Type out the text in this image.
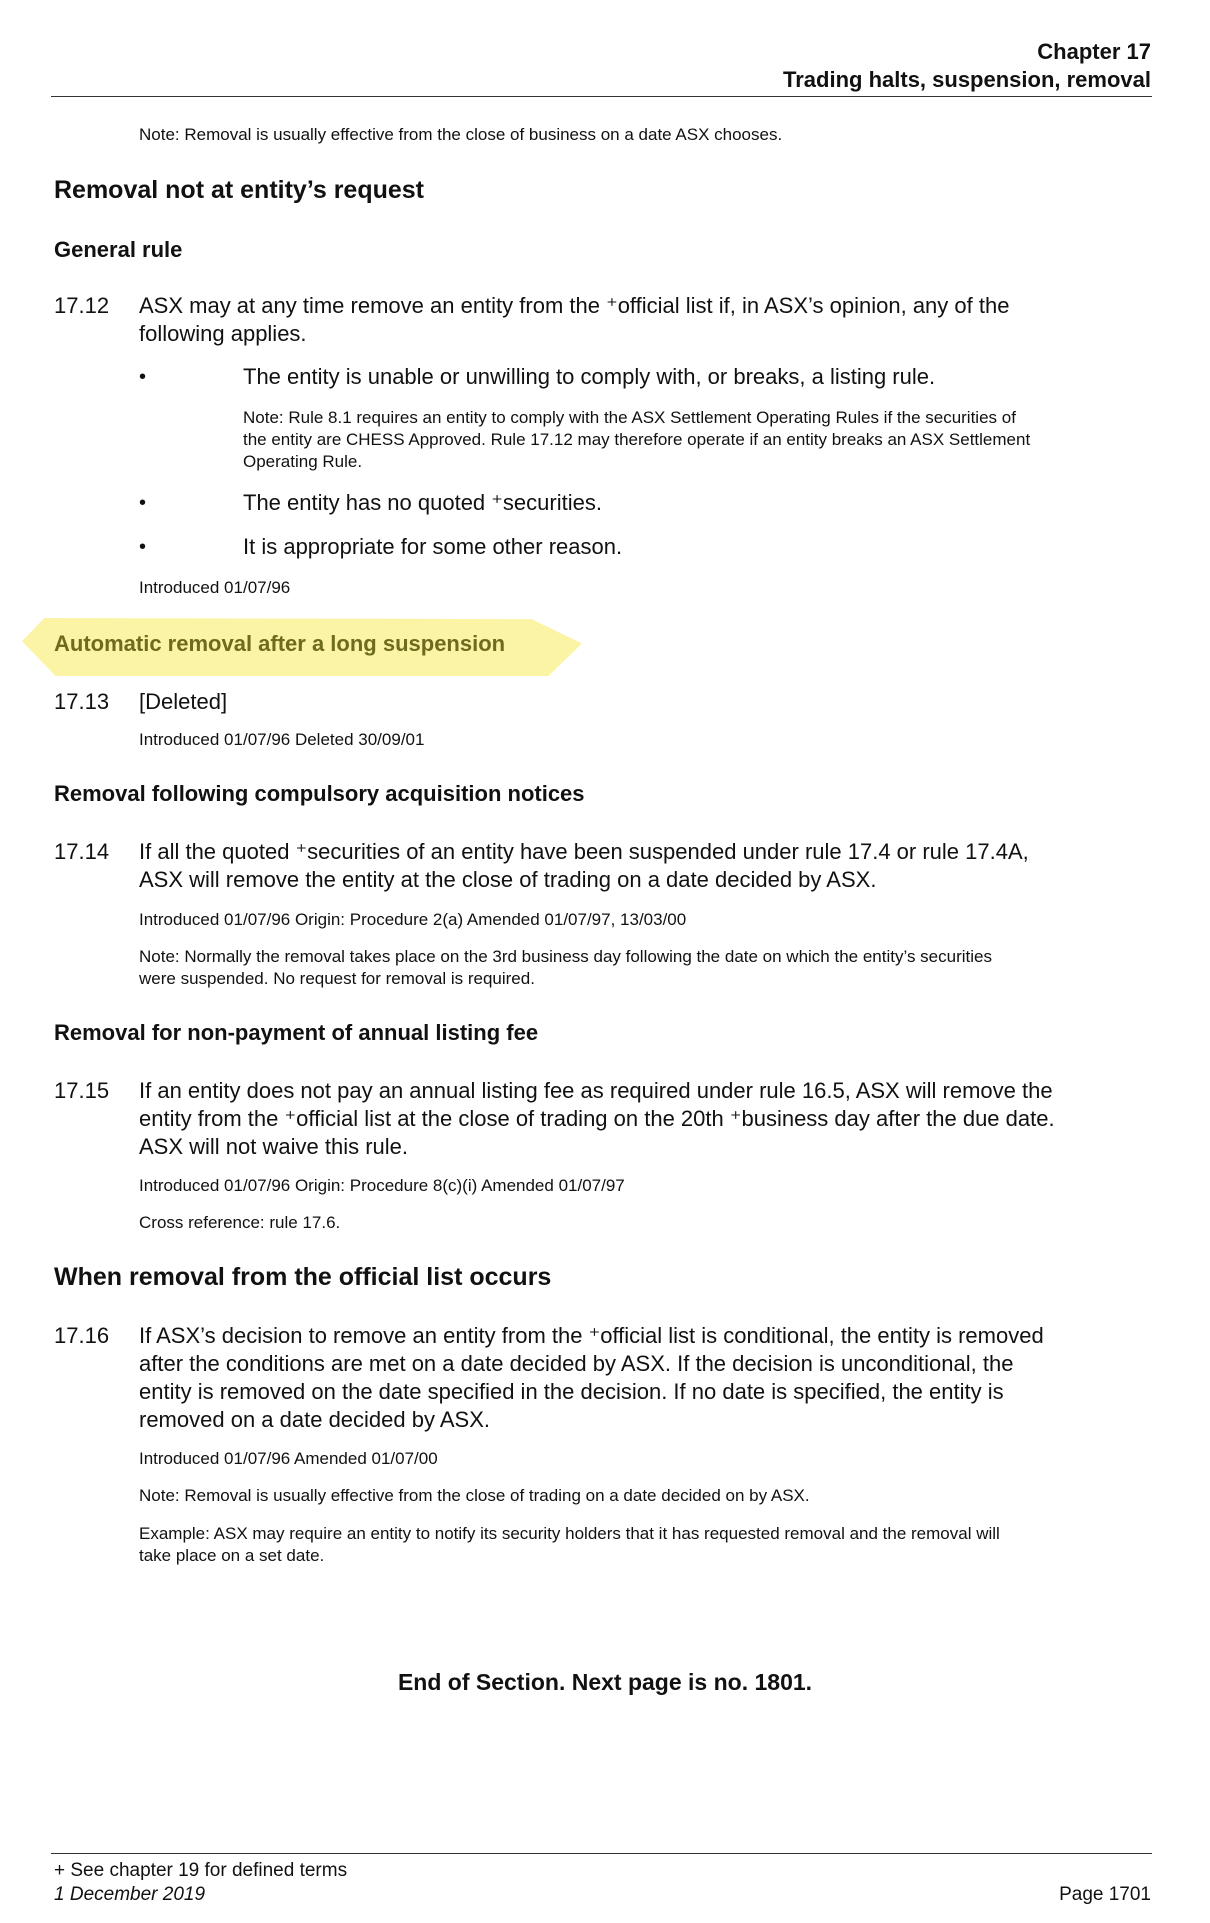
Chapter 17
Trading halts, suspension, removal
Note: Removal is usually effective from the close of business on a date ASX chooses.
Removal not at entity’s request
General rule
17.12 ASX may at any time remove an entity from the ⁺official list if, in ASX’s opinion, any of the
following applies.
•	The entity is unable or unwilling to comply with, or breaks, a listing rule.
Note: Rule 8.1 requires an entity to comply with the ASX Settlement Operating Rules if the securities of
the entity are CHESS Approved. Rule 17.12 may therefore operate if an entity breaks an ASX Settlement
Operating Rule.
•	The entity has no quoted ⁺securities.
•	It is appropriate for some other reason.
Introduced 01/07/96
Automatic removal after a long suspension
17.13 [Deleted]
Introduced 01/07/96 Deleted 30/09/01
Removal following compulsory acquisition notices
17.14 If all the quoted ⁺securities of an entity have been suspended under rule 17.4 or rule 17.4A,
ASX will remove the entity at the close of trading on a date decided by ASX.
Introduced 01/07/96 Origin: Procedure 2(a) Amended 01/07/97, 13/03/00
Note: Normally the removal takes place on the 3rd business day following the date on which the entity’s securities
were suspended. No request for removal is required.
Removal for non-payment of annual listing fee
17.15 If an entity does not pay an annual listing fee as required under rule 16.5, ASX will remove the
entity from the ⁺official list at the close of trading on the 20th ⁺business day after the due date.
ASX will not waive this rule.
Introduced 01/07/96 Origin: Procedure 8(c)(i) Amended 01/07/97
Cross reference: rule 17.6.
When removal from the official list occurs
17.16 If ASX’s decision to remove an entity from the ⁺official list is conditional, the entity is removed
after the conditions are met on a date decided by ASX. If the decision is unconditional, the
entity is removed on the date specified in the decision. If no date is specified, the entity is
removed on a date decided by ASX.
Introduced 01/07/96 Amended 01/07/00
Note: Removal is usually effective from the close of trading on a date decided on by ASX.
Example: ASX may require an entity to notify its security holders that it has requested removal and the removal will
take place on a set date.
End of Section. Next page is no. 1801.
+ See chapter 19 for defined terms
1 December 2019	Page 1701
